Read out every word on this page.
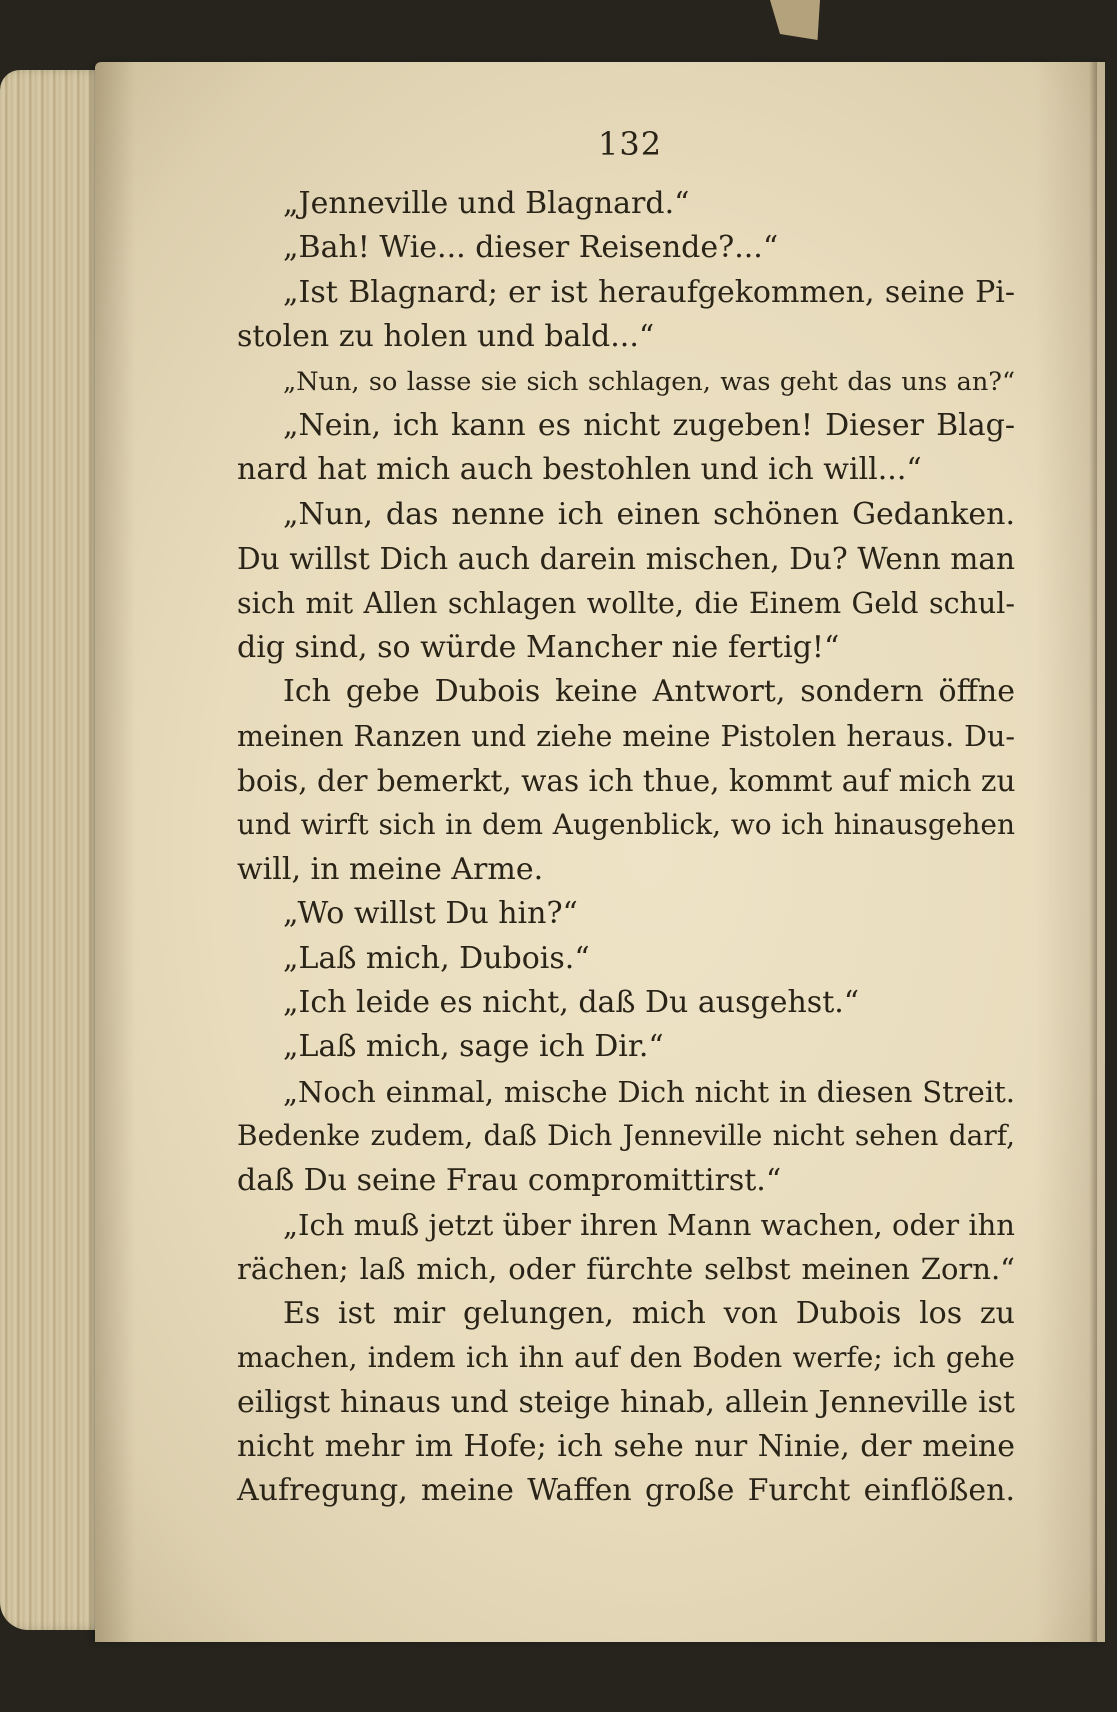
132
„Jenneville und Blagnard.“
„Bah! Wie... dieser Reisende?...“
„Ist Blagnard; er ist heraufgekommen, seine Pi-
stolen zu holen und bald...“
„Nun, so lasse sie sich schlagen, was geht das uns an?“
„Nein, ich kann es nicht zugeben! Dieser Blag-
nard hat mich auch bestohlen und ich will...“
„Nun, das nenne ich einen schönen Gedanken.
Du willst Dich auch darein mischen, Du? Wenn man
sich mit Allen schlagen wollte, die Einem Geld schul-
dig sind, so würde Mancher nie fertig!“
Ich gebe Dubois keine Antwort, sondern öffne
meinen Ranzen und ziehe meine Pistolen heraus. Du-
bois, der bemerkt, was ich thue, kommt auf mich zu
und wirft sich in dem Augenblick, wo ich hinausgehen
will, in meine Arme.
„Wo willst Du hin?“
„Laß mich, Dubois.“
„Ich leide es nicht, daß Du ausgehst.“
„Laß mich, sage ich Dir.“
„Noch einmal, mische Dich nicht in diesen Streit.
Bedenke zudem, daß Dich Jenneville nicht sehen darf,
daß Du seine Frau compromittirst.“
„Ich muß jetzt über ihren Mann wachen, oder ihn
rächen; laß mich, oder fürchte selbst meinen Zorn.“
Es ist mir gelungen, mich von Dubois los zu
machen, indem ich ihn auf den Boden werfe; ich gehe
eiligst hinaus und steige hinab, allein Jenneville ist
nicht mehr im Hofe; ich sehe nur Ninie, der meine
Aufregung, meine Waffen große Furcht einflößen.
